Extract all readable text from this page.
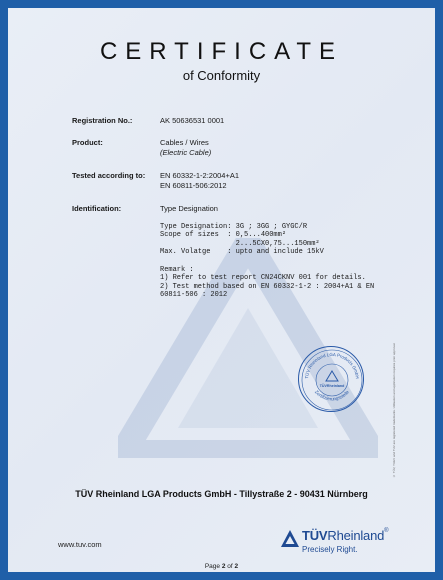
CERTIFICATE
of Conformity
Registration No.:	AK 50636531 0001
Product:	Cables / Wires
(Electric Cable)
Tested according to: EN 60332-1-2:2004+A1
EN 60811-506:2012
Identification:	Type Designation

Type Designation: 3G ; 3GG ; GYGC/R
Scope of sizes  : 0,5...400mm²
2...5CX0,75...150mm²
Max. Volatge    : upto and include 15kV

Remark :
1) Refer to test report CN24CKNV 001 for details.
2) Test method based on EN 60332-1-2 : 2004+A1 & EN
60811-506 : 2012
TÜV Rheinland LGA Products GmbH
Zertifizierungsstelle
TÜVRheinland	© TÜV, TUEV and TUV are registered trademarks. Utilisation and application requires prior approval.
TÜV Rheinland LGA Products GmbH - Tillystraße 2 - 90431 Nürnberg
www.tuv.com
TÜVRheinland®
Precisely Right.
Page 2 of 2
